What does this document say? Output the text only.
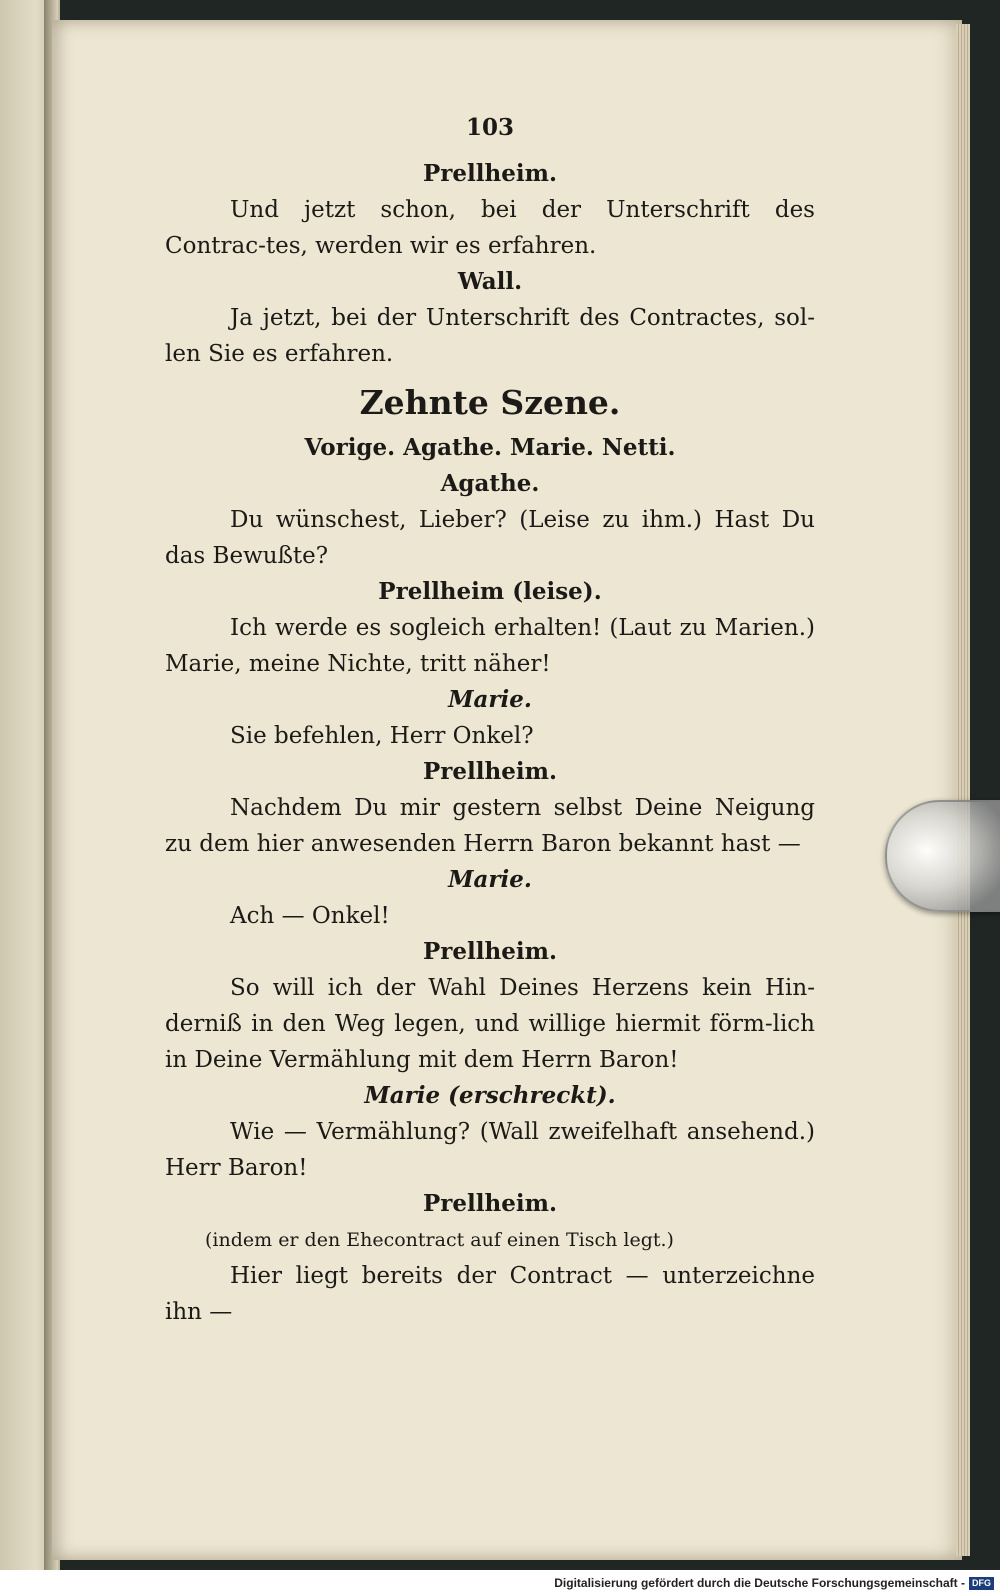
103
Prellheim.
Und jetzt schon, bei der Unterschrift des Contrac-tes, werden wir es erfahren.
Wall.
Ja jetzt, bei der Unterschrift des Contractes, sol-len Sie es erfahren.
Zehnte Szene.
Vorige. Agathe. Marie. Netti.
Agathe.
Du wünschest, Lieber? (Leise zu ihm.) Hast Du das Bewußte?
Prellheim (leise).
Ich werde es sogleich erhalten! (Laut zu Marien.) Marie, meine Nichte, tritt näher!
Marie.
Sie befehlen, Herr Onkel?
Prellheim.
Nachdem Du mir gestern selbst Deine Neigung zu dem hier anwesenden Herrn Baron bekannt hast —
Marie.
Ach — Onkel!
Prellheim.
So will ich der Wahl Deines Herzens kein Hin-derniß in den Weg legen, und willige hiermit förm-lich in Deine Vermählung mit dem Herrn Baron!
Marie (erschreckt).
Wie — Vermählung? (Wall zweifelhaft ansehend.) Herr Baron!
Prellheim.
(indem er den Ehecontract auf einen Tisch legt.)
Hier liegt bereits der Contract — unterzeichne ihn —
Digitalisierung gefördert durch die Deutsche Forschungsgemeinschaft - DFG
